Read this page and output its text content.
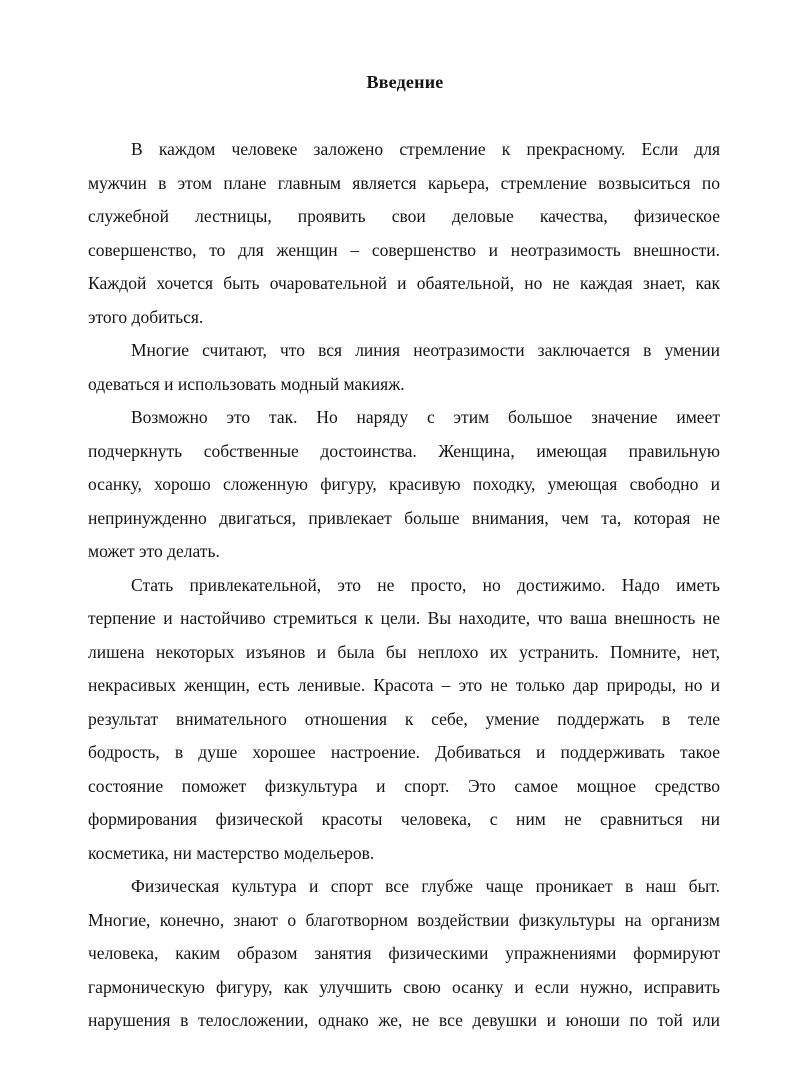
Введение
В каждом человеке заложено стремление к прекрасному. Если для
мужчин в этом плане главным является карьера, стремление возвыситься по
служебной лестницы, проявить свои деловые качества, физическое
совершенство, то для женщин – совершенство и неотразимость внешности.
Каждой хочется быть очаровательной и обаятельной, но не каждая знает, как
этого добиться.
Многие считают, что вся линия неотразимости заключается в умении
одеваться и использовать модный макияж.
Возможно это так. Но наряду с этим большое значение имеет
подчеркнуть собственные достоинства. Женщина, имеющая правильную
осанку, хорошо сложенную фигуру, красивую походку, умеющая свободно и
непринужденно двигаться, привлекает больше внимания, чем та, которая не
может это делать.
Стать привлекательной, это не просто, но достижимо. Надо иметь
терпение и настойчиво стремиться к цели. Вы находите, что ваша внешность не
лишена некоторых изъянов и была бы неплохо их устранить. Помните, нет,
некрасивых женщин, есть ленивые. Красота – это не только дар природы, но и
результат внимательного отношения к себе, умение поддержать в теле
бодрость, в душе хорошее настроение. Добиваться и поддерживать такое
состояние поможет физкультура и спорт. Это самое мощное средство
формирования физической красоты человека, с ним не сравниться ни
косметика, ни мастерство модельеров.
Физическая культура и спорт все глубже чаще проникает в наш быт.
Многие, конечно, знают о благотворном воздействии физкультуры на организм
человека, каким образом занятия физическими упражнениями формируют
гармоническую фигуру, как улучшить свою осанку и если нужно, исправить
нарушения в телосложении, однако же, не все девушки и юноши по той или
